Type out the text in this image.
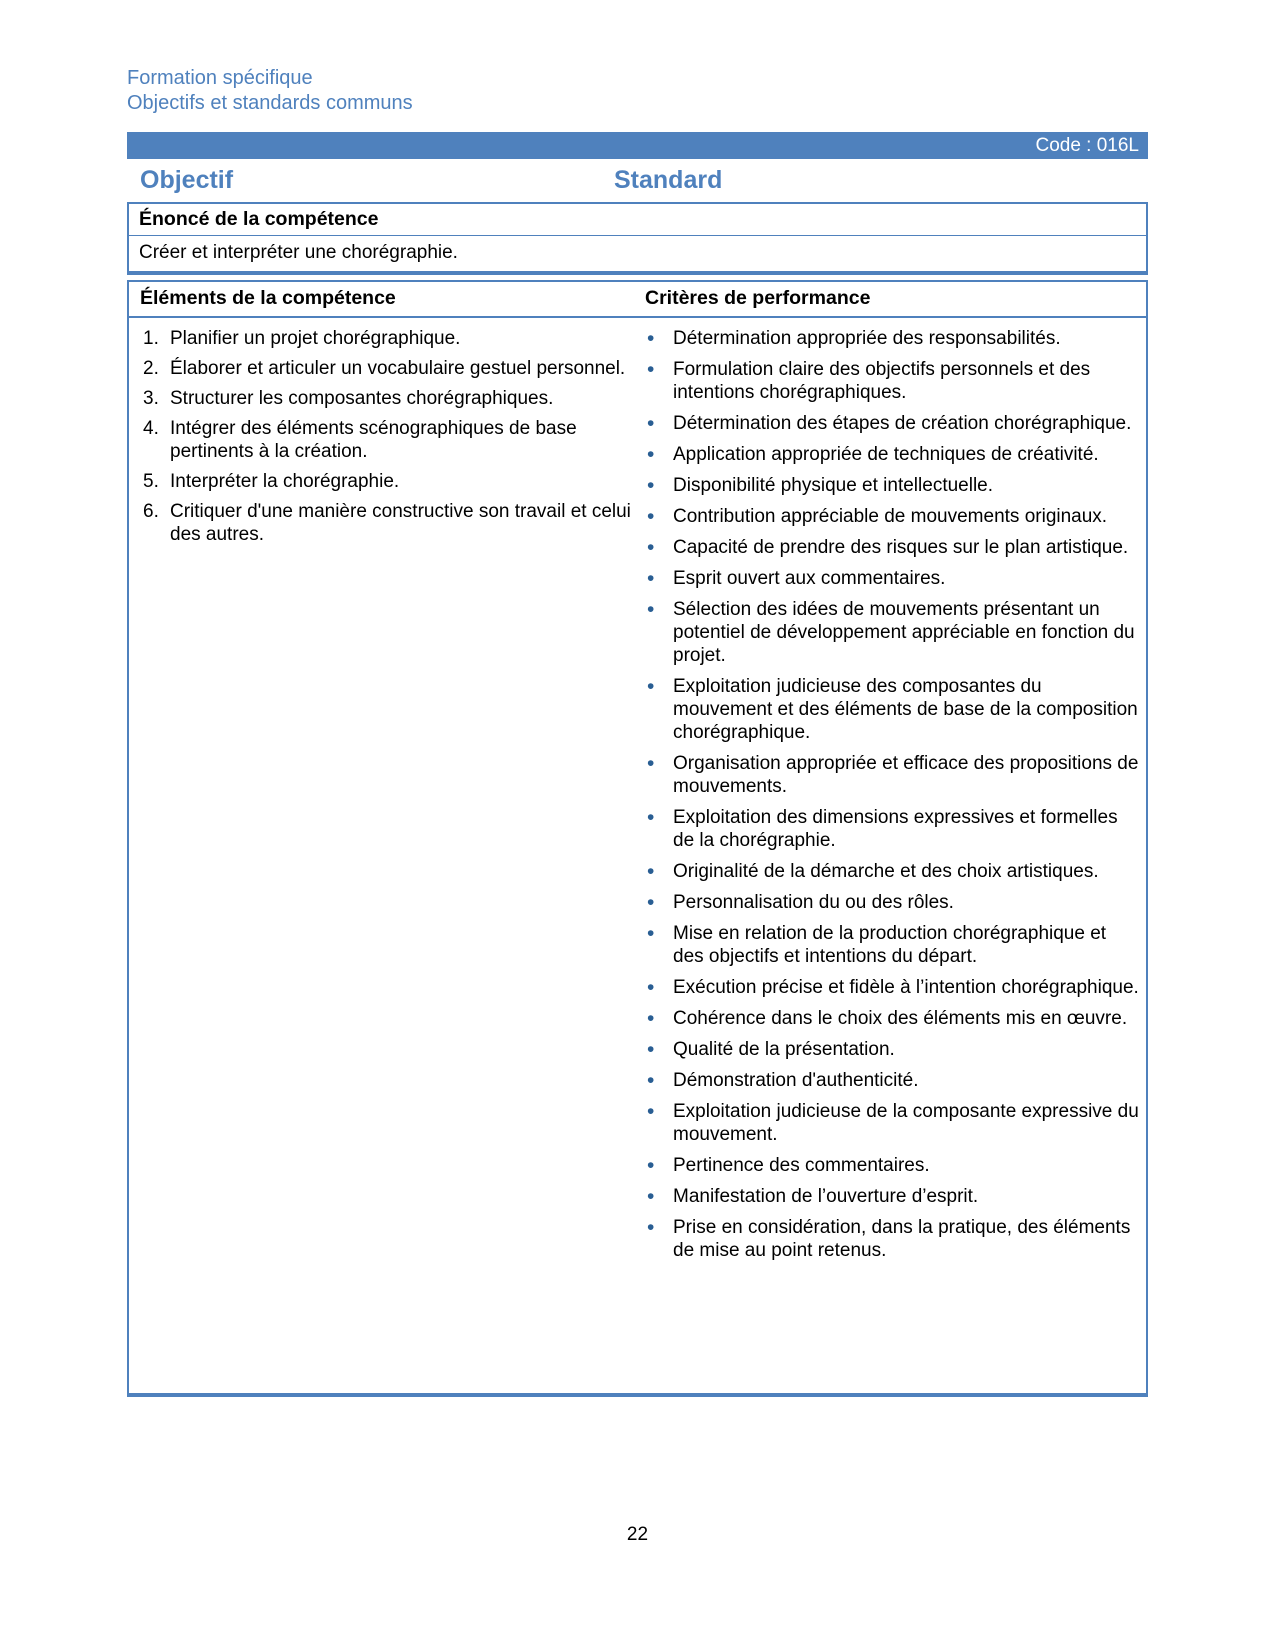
Formation spécifique
Objectifs et standards communs
Code : 016L
Objectif	Standard
Énoncé de la compétence
Créer et interpréter une chorégraphie.
Éléments de la compétence	Critères de performance
Planifier un projet chorégraphique.
Élaborer et articuler un vocabulaire gestuel personnel.
Structurer les composantes chorégraphiques.
Intégrer des éléments scénographiques de base pertinents à la création.
Interpréter la chorégraphie.
Critiquer d'une manière constructive son travail et celui des autres.
• Détermination appropriée des responsabilités.
• Formulation claire des objectifs personnels et des intentions chorégraphiques.
• Détermination des étapes de création chorégraphique.
• Application appropriée de techniques de créativité.
• Disponibilité physique et intellectuelle.
• Contribution appréciable de mouvements originaux.
• Capacité de prendre des risques sur le plan artistique.
• Esprit ouvert aux commentaires.
• Sélection des idées de mouvements présentant un potentiel de développement appréciable en fonction du projet.
• Exploitation judicieuse des composantes du mouvement et des éléments de base de la composition chorégraphique.
• Organisation appropriée et efficace des propositions de mouvements.
• Exploitation des dimensions expressives et formelles de la chorégraphie.
• Originalité de la démarche et des choix artistiques.
• Personnalisation du ou des rôles.
• Mise en relation de la production chorégraphique et des objectifs et intentions du départ.
• Exécution précise et fidèle à l’intention chorégraphique.
• Cohérence dans le choix des éléments mis en œuvre.
• Qualité de la présentation.
• Démonstration d'authenticité.
• Exploitation judicieuse de la composante expressive du mouvement.
• Pertinence des commentaires.
• Manifestation de l’ouverture d’esprit.
• Prise en considération, dans la pratique, des éléments de mise au point retenus.
22
